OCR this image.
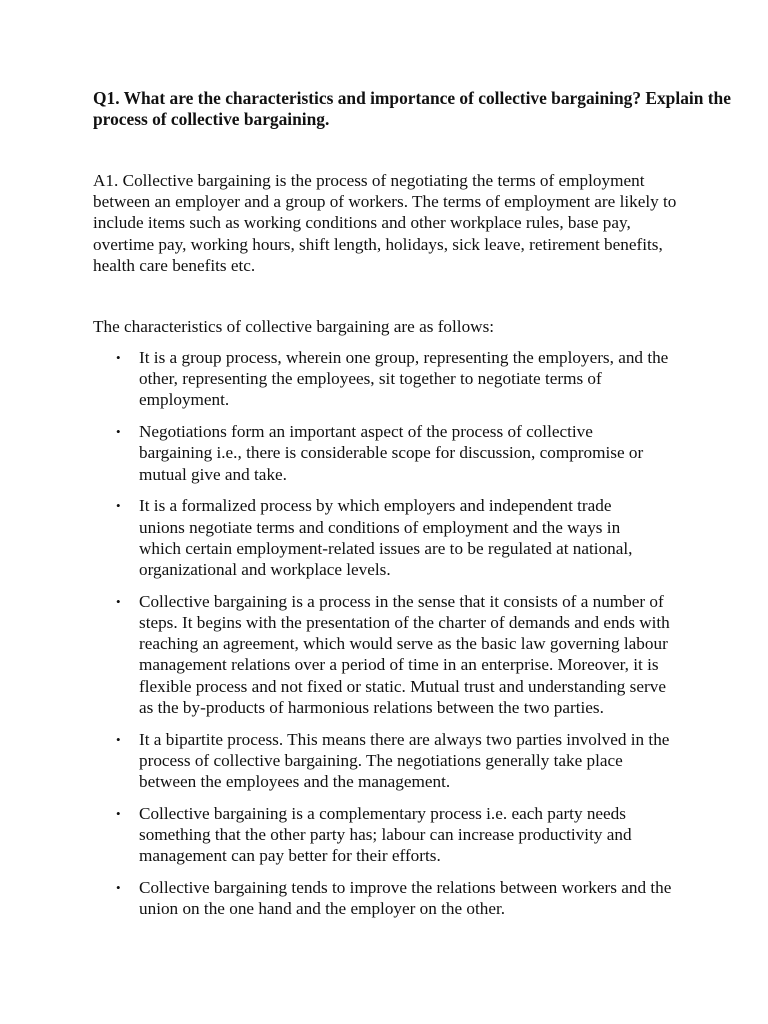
Q1. What are the characteristics and importance of collective bargaining? Explain the process of collective bargaining.

A1. Collective bargaining is the process of negotiating the terms of employment between an employer and a group of workers. The terms of employment are likely to include items such as working conditions and other workplace rules, base pay, overtime pay, working hours, shift length, holidays, sick leave, retirement benefits, health care benefits etc.

The characteristics of collective bargaining are as follows:

• It is a group process, wherein one group, representing the employers, and the other, representing the employees, sit together to negotiate terms of employment.
• Negotiations form an important aspect of the process of collective bargaining i.e., there is considerable scope for discussion, compromise or mutual give and take.
• It is a formalized process by which employers and independent trade unions negotiate terms and conditions of employment and the ways in which certain employment-related issues are to be regulated at national, organizational and workplace levels.
• Collective bargaining is a process in the sense that it consists of a number of steps. It begins with the presentation of the charter of demands and ends with reaching an agreement, which would serve as the basic law governing labour management relations over a period of time in an enterprise. Moreover, it is flexible process and not fixed or static. Mutual trust and understanding serve as the by-products of harmonious relations between the two parties.
• It a bipartite process. This means there are always two parties involved in the process of collective bargaining. The negotiations generally take place between the employees and the management.
• Collective bargaining is a complementary process i.e. each party needs something that the other party has; labour can increase productivity and management can pay better for their efforts.
• Collective bargaining tends to improve the relations between workers and the union on the one hand and the employer on the other.
